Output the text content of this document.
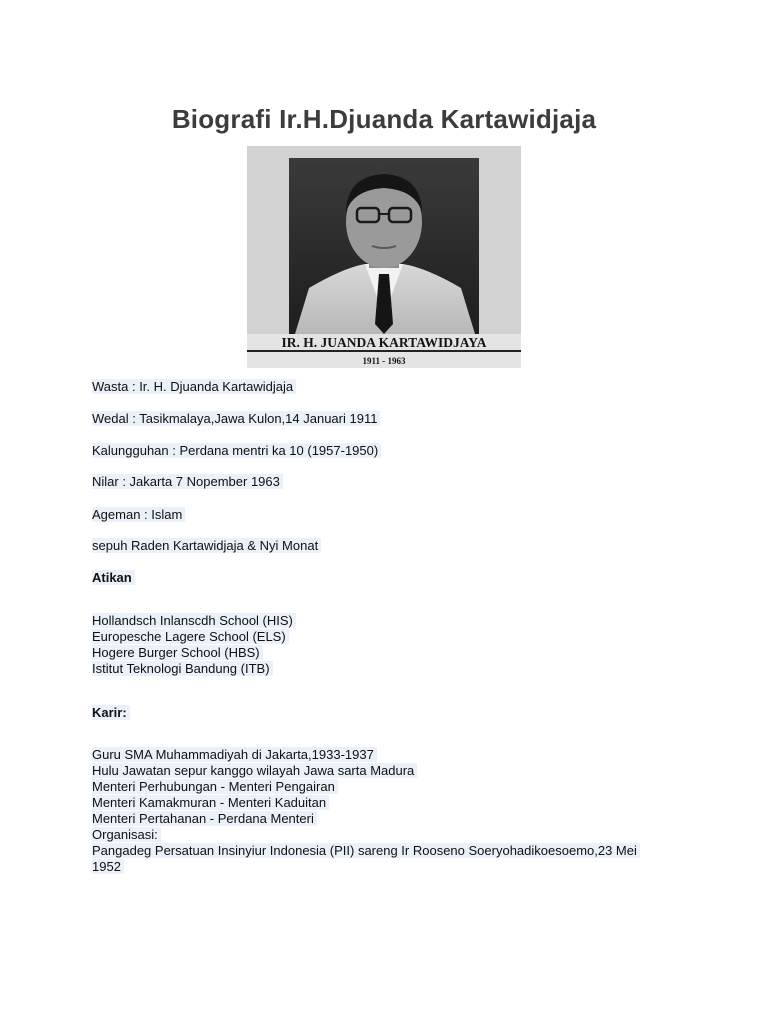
Biografi Ir.H.Djuanda Kartawidjaja
IR. H. JUANDA KARTAWIDJAYA
1911 - 1963

Wasta : Ir. H. Djuanda Kartawidjaja

Wedal : Tasikmalaya,Jawa Kulon,14 Januari 1911

Kalungguhan : Perdana mentri ka 10 (1957-1950)

Nilar : Jakarta 7 Nopember 1963

Ageman : Islam

sepuh Raden Kartawidjaja & Nyi Monat

Atikan

Hollandsch Inlanscdh School (HIS)
Europesche Lagere School (ELS)
Hogere Burger School (HBS)
Istitut Teknologi Bandung (ITB)

Karir:

Guru SMA Muhammadiyah di Jakarta,1933-1937
Hulu Jawatan sepur kanggo wilayah Jawa sarta Madura
Menteri Perhubungan - Menteri Pengairan
Menteri Kamakmuran - Menteri Kaduitan
Menteri Pertahanan - Perdana Menteri
Organisasi:
Pangadeg Persatuan Insinyiur Indonesia (PII) sareng Ir Rooseno Soeryohadikoesoemo,23 Mei
1952
